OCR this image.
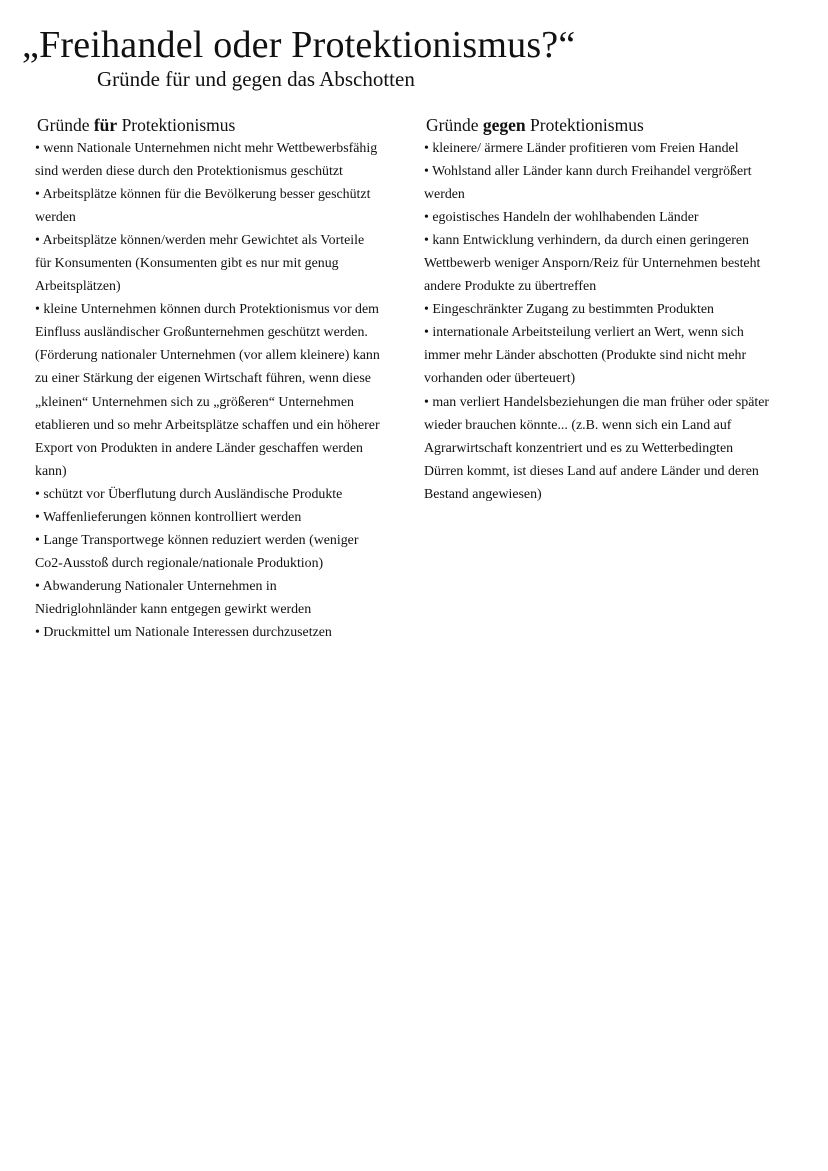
„Freihandel oder Protektionismus?“
Gründe für und gegen das Abschotten
Gründe für Protektionismus
• wenn Nationale Unternehmen nicht mehr Wettbewerbsfähig sind werden diese durch den Protektionismus geschützt
• Arbeitsplätze können für die Bevölkerung besser geschützt werden
• Arbeitsplätze können/werden mehr Gewichtet als Vorteile für Konsumenten (Konsumenten gibt es nur mit genug Arbeitsplätzen)
• kleine Unternehmen können durch Protektionismus vor dem Einfluss ausländischer Großunternehmen geschützt werden. (Förderung nationaler Unternehmen (vor allem kleinere) kann zu einer Stärkung der eigenen Wirtschaft führen, wenn diese „kleinen“ Unternehmen sich zu „größeren“ Unternehmen etablieren und so mehr Arbeitsplätze schaffen und ein höherer Export von Produkten in andere Länder geschaffen werden kann)
• schützt vor Überflutung durch Ausländische Produkte
• Waffenlieferungen können kontrolliert werden
• Lange Transportwege können reduziert werden (weniger Co2-Ausstoß durch regionale/nationale Produktion)
• Abwanderung Nationaler Unternehmen in Niedriglohnländer kann entgegen gewirkt werden
• Druckmittel um Nationale Interessen durchzusetzen
Gründe gegen Protektionismus
• kleinere/ ärmere Länder profitieren vom Freien Handel
• Wohlstand aller Länder kann durch Freihandel vergrößert werden
• egoistisches Handeln der wohlhabenden Länder
• kann Entwicklung verhindern, da durch einen geringeren Wettbewerb weniger Ansporn/Reiz für Unternehmen besteht andere Produkte zu übertreffen
• Eingeschränkter Zugang zu bestimmten Produkten
• internationale Arbeitsteilung verliert an Wert, wenn sich immer mehr Länder abschotten (Produkte sind nicht mehr vorhanden oder überteuert)
• man verliert Handelsbeziehungen die man früher oder später wieder brauchen könnte... (z.B. wenn sich ein Land auf Agrarwirtschaft konzentriert und es zu Wetterbedingten Dürren kommt, ist dieses Land auf andere Länder und deren Bestand angewiesen)
